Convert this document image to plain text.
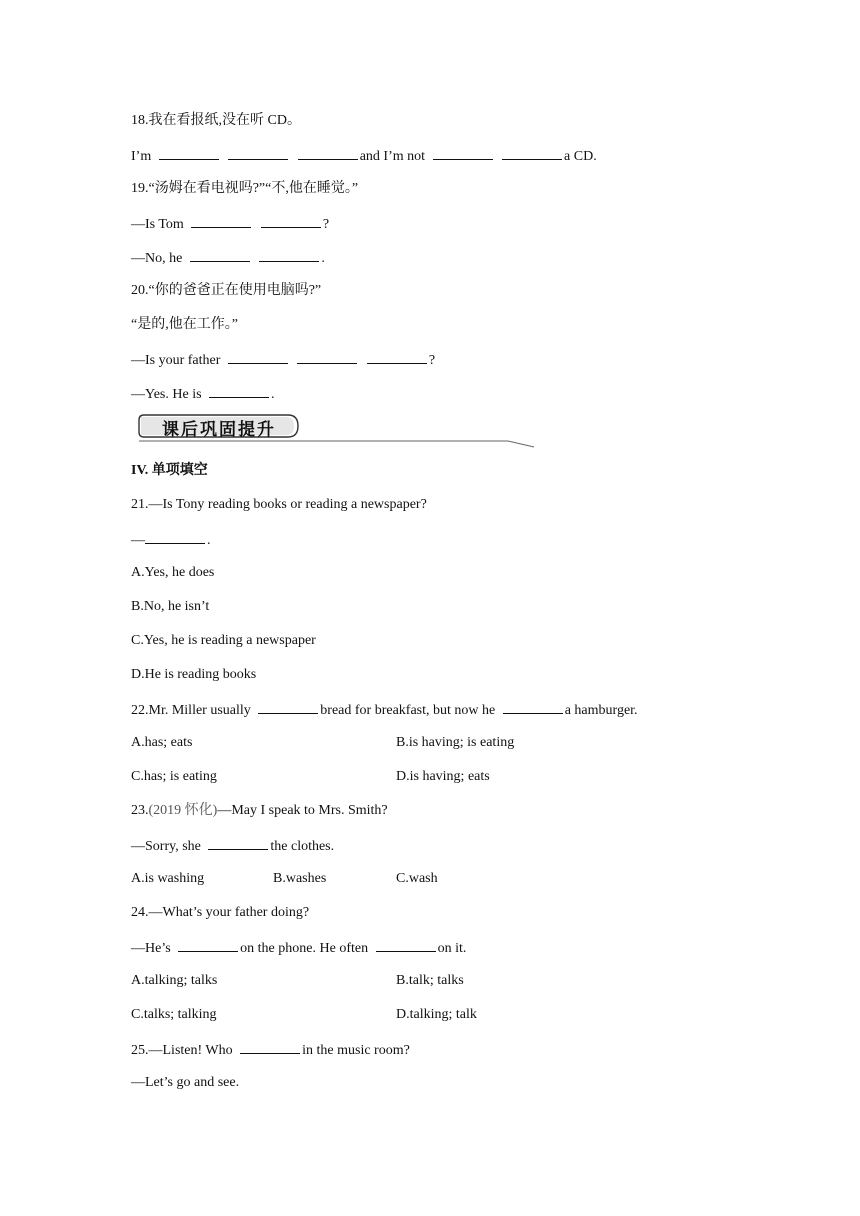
18.我在看报纸,没在听 CD。
I’m	and I’m not	a CD.
19.“汤姆在看电视吗?”“不,他在睡觉。”
—Is Tom	?
—No, he	.
20.“你的爸爸正在使用电脑吗?”
“是的,他在工作。”
—Is your father	?
—Yes. He is	.
课后巩固提升
IV. 单项填空
21.—Is Tony reading books or reading a newspaper?
—	.
A.Yes, he does
B.No, he isn’t
C.Yes, he is reading a newspaper
D.He is reading books
22.Mr. Miller usually	bread for breakfast, but now he	a hamburger.
A.has; eats	B.is having; is eating
C.has; is eating	D.is having; eats
23.(2019 怀化)—May I speak to Mrs. Smith?
—Sorry, she	the clothes.
A.is washing	B.washes	C.wash
24.—What’s your father doing?
—He’s	on the phone. He often	on it.
A.talking; talks	B.talk; talks
C.talks; talking	D.talking; talk
25.—Listen! Who	in the music room?
—Let’s go and see.
